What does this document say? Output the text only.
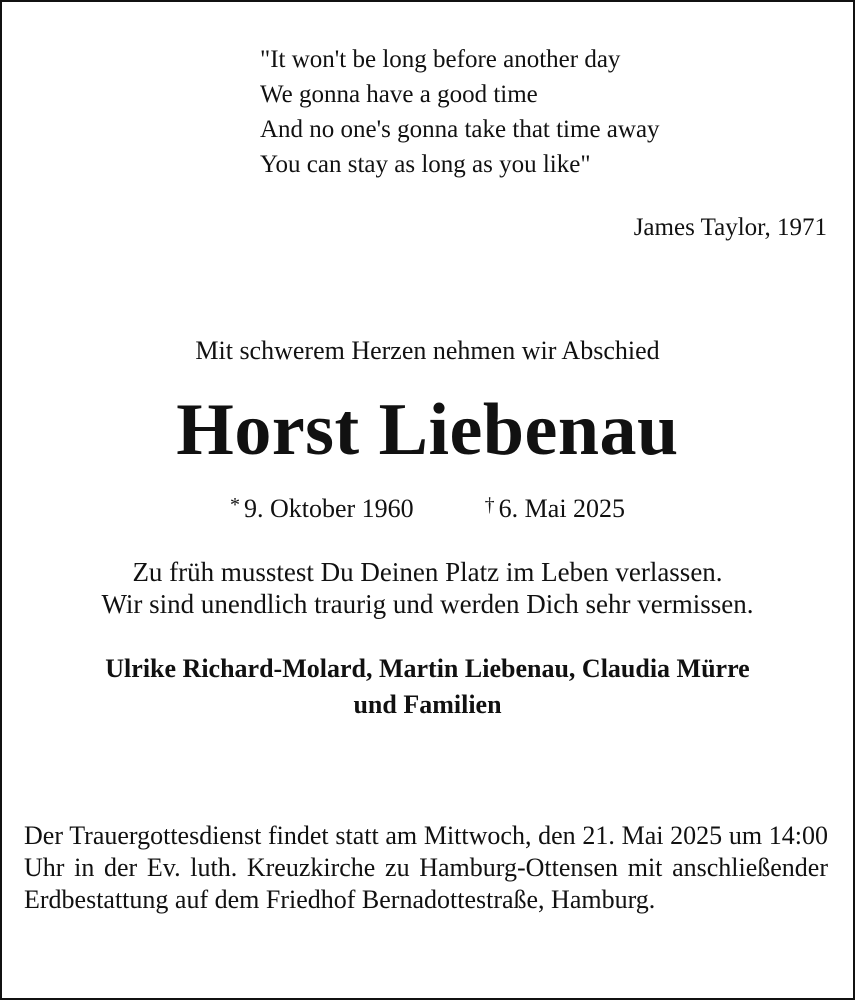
"It won't be long before another day
We gonna have a good time
And no one's gonna take that time away
You can stay as long as you like"
James Taylor, 1971
Mit schwerem Herzen nehmen wir Abschied
Horst Liebenau
* 9. Oktober 1960	† 6. Mai 2025
Zu früh musstest Du Deinen Platz im Leben verlassen.
Wir sind unendlich traurig und werden Dich sehr vermissen.
Ulrike Richard-Molard, Martin Liebenau, Claudia Mürre
und Familien
Der Trauergottesdienst findet statt am Mittwoch, den 21. Mai 2025 um 14:00 Uhr in der Ev. luth. Kreuzkirche zu Hamburg-Ottensen mit anschließender Erdbestattung auf dem Friedhof Bernadottestraße, Hamburg.
